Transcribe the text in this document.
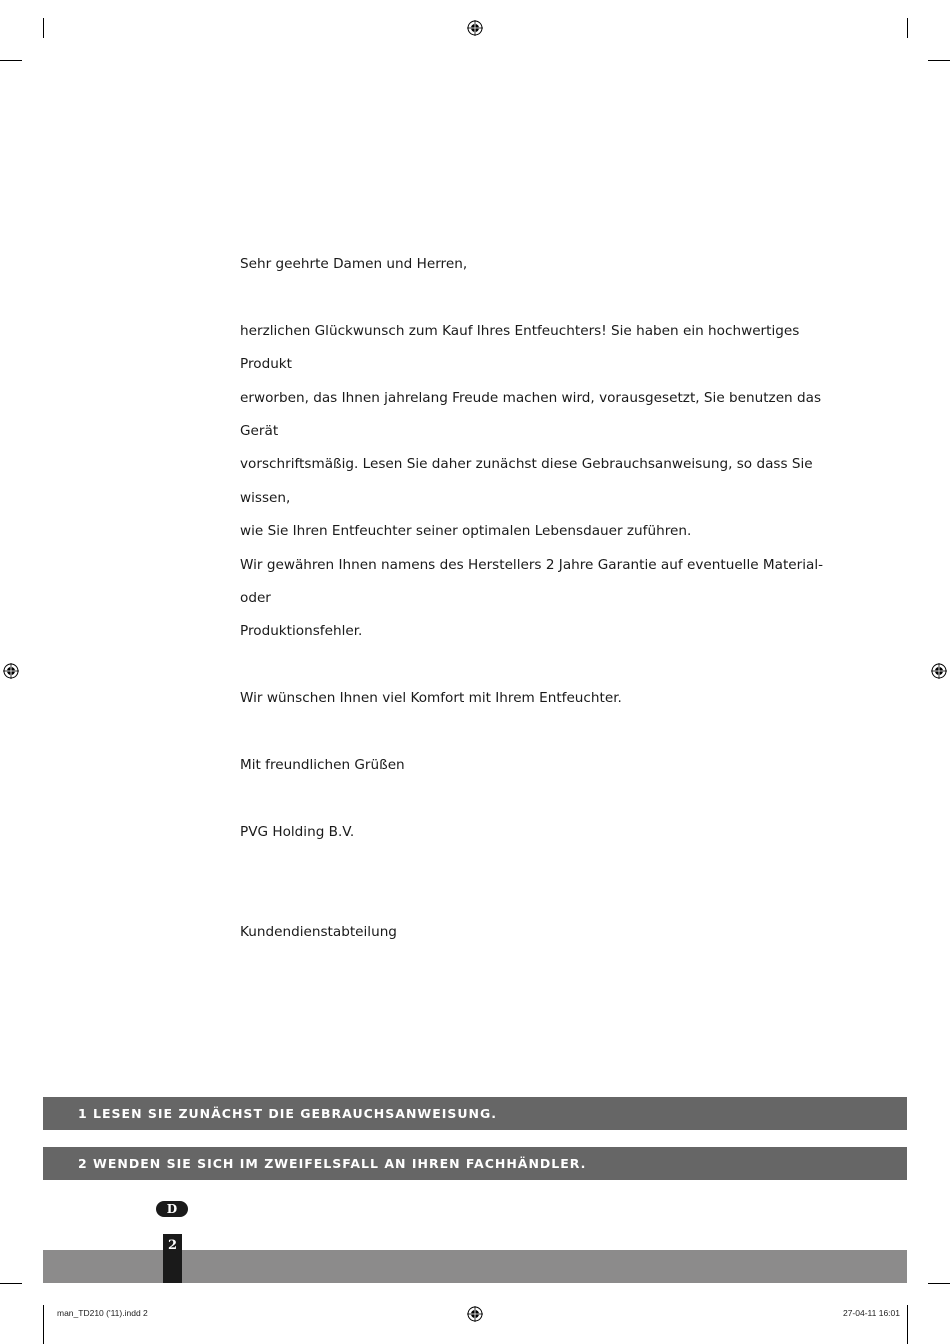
Sehr geehrte Damen und Herren,

herzlichen Glückwunsch zum Kauf Ihres Entfeuchters! Sie haben ein hochwertiges Produkt

erworben, das Ihnen jahrelang Freude machen wird, vorausgesetzt, Sie benutzen das Gerät

vorschriftsmäßig. Lesen Sie daher zunächst diese Gebrauchsanweisung, so dass Sie wissen,

wie Sie Ihren Entfeuchter seiner optimalen Lebensdauer zuführen.

Wir gewähren Ihnen namens des Herstellers 2 Jahre Garantie auf eventuelle Material- oder

Produktionsfehler.

Wir wünschen Ihnen viel Komfort mit Ihrem Entfeuchter.

Mit freundlichen Grüßen

PVG Holding B.V.

Kundendienstabteilung

1 LESEN SIE ZUNÄCHST DIE GEBRAUCHSANWEISUNG.
2 WENDEN SIE SICH IM ZWEIFELSFALL AN IHREN FACHHÄNDLER.
D
2
man_TD210 ('11).indd 2	27-04-11 16:01
